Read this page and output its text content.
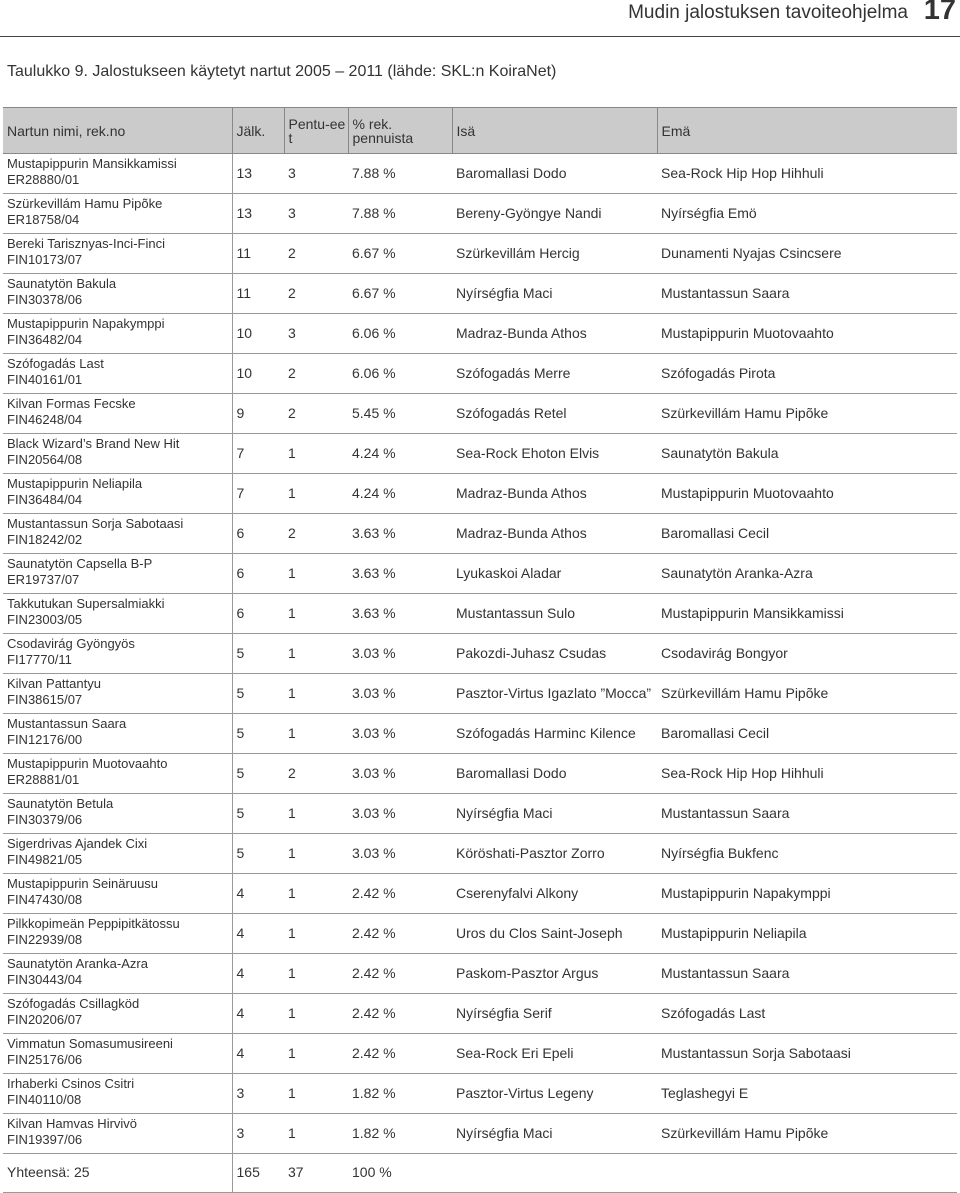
Mudin jalostuksen tavoiteohjelma 17
Taulukko 9. Jalostukseen käytetyt nartut 2005 – 2011 (lähde: SKL:n KoiraNet)
Nartun nimi, rek.no	Jälk.	Pentu-eet	% rek. pennuista	Isä	Emä
Mustapippurin Mansikkamissi
ER28880/01	13	3	7.88 %	Baromallasi Dodo	Sea-Rock Hip Hop Hihhuli
Szürkevillám Hamu Pipõke
ER18758/04	13	3	7.88 %	Bereny-Gyöngye Nandi	Nyírségfia Emö
Bereki Tarisznyas-Inci-Finci
FIN10173/07	11	2	6.67 %	Szürkevillám Hercig	Dunamenti Nyajas Csincsere
Saunatytön Bakula
FIN30378/06	11	2	6.67 %	Nyírségfia Maci	Mustantassun Saara
Mustapippurin Napakymppi
FIN36482/04	10	3	6.06 %	Madraz-Bunda Athos	Mustapippurin Muotovaahto
Szófogadás Last
FIN40161/01	10	2	6.06 %	Szófogadás Merre	Szófogadás Pirota
Kilvan Formas Fecske
FIN46248/04	9	2	5.45 %	Szófogadás Retel	Szürkevillám Hamu Pipõke
Black Wizard’s Brand New Hit
FIN20564/08	7	1	4.24 %	Sea-Rock Ehoton Elvis	Saunatytön Bakula
Mustapippurin Neliapila
FIN36484/04	7	1	4.24 %	Madraz-Bunda Athos	Mustapippurin Muotovaahto
Mustantassun Sorja Sabotaasi
FIN18242/02	6	2	3.63 %	Madraz-Bunda Athos	Baromallasi Cecil
Saunatytön Capsella B-P
ER19737/07	6	1	3.63 %	Lyukaskoi Aladar	Saunatytön Aranka-Azra
Takkutukan Supersalmiakki
FIN23003/05	6	1	3.63 %	Mustantassun Sulo	Mustapippurin Mansikkamissi
Csodavirág Gyöngyös
FI17770/11	5	1	3.03 %	Pakozdi-Juhasz Csudas	Csodavirág Bongyor
Kilvan Pattantyu
FIN38615/07	5	1	3.03 %	Pasztor-Virtus Igazlato ”Mocca”	Szürkevillám Hamu Pipõke
Mustantassun Saara
FIN12176/00	5	1	3.03 %	Szófogadás Harminc Kilence	Baromallasi Cecil
Mustapippurin Muotovaahto
ER28881/01	5	2	3.03 %	Baromallasi Dodo	Sea-Rock Hip Hop Hihhuli
Saunatytön Betula
FIN30379/06	5	1	3.03 %	Nyírségfia Maci	Mustantassun Saara
Sigerdrivas Ajandek Cixi
FIN49821/05	5	1	3.03 %	Köröshati-Pasztor Zorro	Nyírségfia Bukfenc
Mustapippurin Seinäruusu
FIN47430/08	4	1	2.42 %	Cserenyfalvi Alkony	Mustapippurin Napakymppi
Pilkkopimeän Peppipitkätossu
FIN22939/08	4	1	2.42 %	Uros du Clos Saint-Joseph	Mustapippurin Neliapila
Saunatytön Aranka-Azra
FIN30443/04	4	1	2.42 %	Paskom-Pasztor Argus	Mustantassun Saara
Szófogadás Csillagköd
FIN20206/07	4	1	2.42 %	Nyírségfia Serif	Szófogadás Last
Vimmatun Somasumusireeni
FIN25176/06	4	1	2.42 %	Sea-Rock Eri Epeli	Mustantassun Sorja Sabotaasi
Irhaberki Csinos Csitri
FIN40110/08	3	1	1.82 %	Pasztor-Virtus Legeny	Teglashegyi E
Kilvan Hamvas Hirvivö
FIN19397/06	3	1	1.82 %	Nyírségfia Maci	Szürkevillám Hamu Pipõke
Yhteensä: 25	165	37	100 %		
